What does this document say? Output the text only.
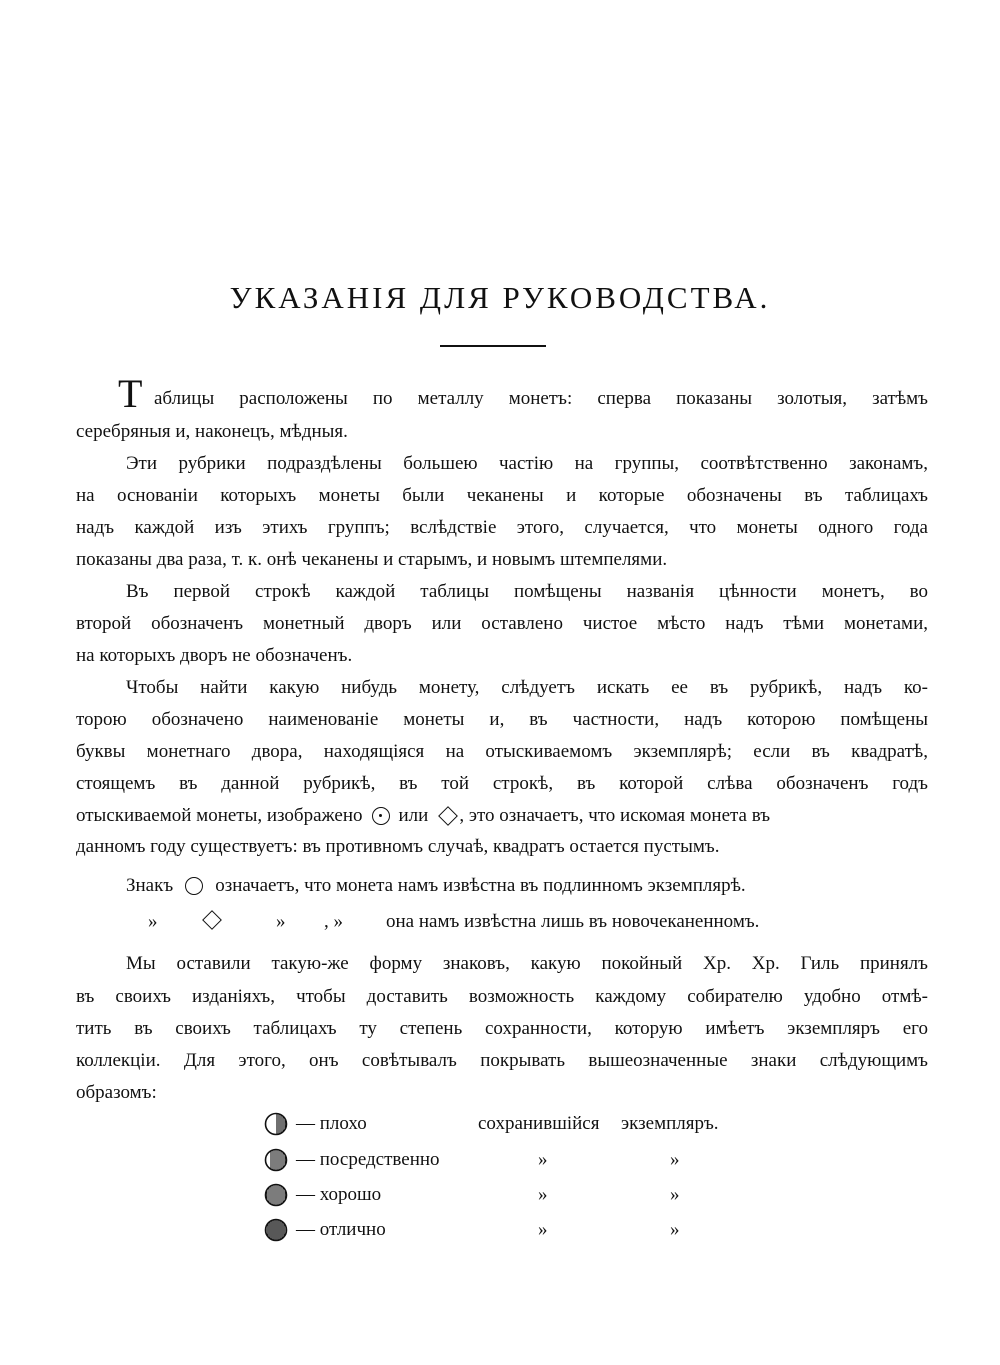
УКАЗАНІЯ ДЛЯ РУКОВОДСТВА.
Т аблицы расположены по металлу монетъ: сперва показаны золотыя, затѣмъ
серебряныя и, наконецъ, мѣдныя.
Эти рубрики подраздѣлены большею частію на группы, соотвѣтственно законамъ,
на основаніи которыхъ монеты были чеканены и которые обозначены въ таблицахъ
надъ каждой изъ этихъ группъ; вслѣдствіе этого, случается, что монеты одного года
показаны два раза, т. к. онѣ чеканены и старымъ, и новымъ штемпелями.
Въ первой строкѣ каждой таблицы помѣщены названія цѣнности монетъ, во
второй обозначенъ монетный дворъ или оставлено чистое мѣсто надъ тѣми монетами,
на которыхъ дворъ не обозначенъ.
Чтобы найти какую нибудь монету, слѣдуетъ искать ее въ рубрикѣ, надъ ко-
торою обозначено наименованіе монеты и, въ частности, надъ которою помѣщены
буквы монетнаго двора, находящіяся на отыскиваемомъ экземплярѣ; если въ квадратѣ,
стоящемъ въ данной рубрикѣ, въ той строкѣ, въ которой слѣва обозначенъ годъ
отыскиваемой монеты, изображено или , это означаетъ, что искомая монета въ
данномъ году существуетъ: въ противномъ случаѣ, квадратъ остается пустымъ.
Знакъ означаетъ, что монета намъ извѣстна въ подлинномъ экземплярѣ.
»	» , » она намъ извѣстна лишь въ новочеканенномъ.
Мы оставили такую-же форму знаковъ, какую покойный Хр. Хр. Гиль принялъ
въ своихъ изданіяхъ, чтобы доставить возможность каждому собирателю удобно отмѣ-
тить въ своихъ таблицахъ ту степень сохранности, которую имѣетъ экземпляръ его
коллекціи. Для этого, онъ совѣтывалъ покрывать вышеозначенные знаки слѣдующимъ
образомъ:
— плохо	сохранившійся экземпляръ.
— посредственно	»	»
— хорошо	»	»
— отлично	»	»
